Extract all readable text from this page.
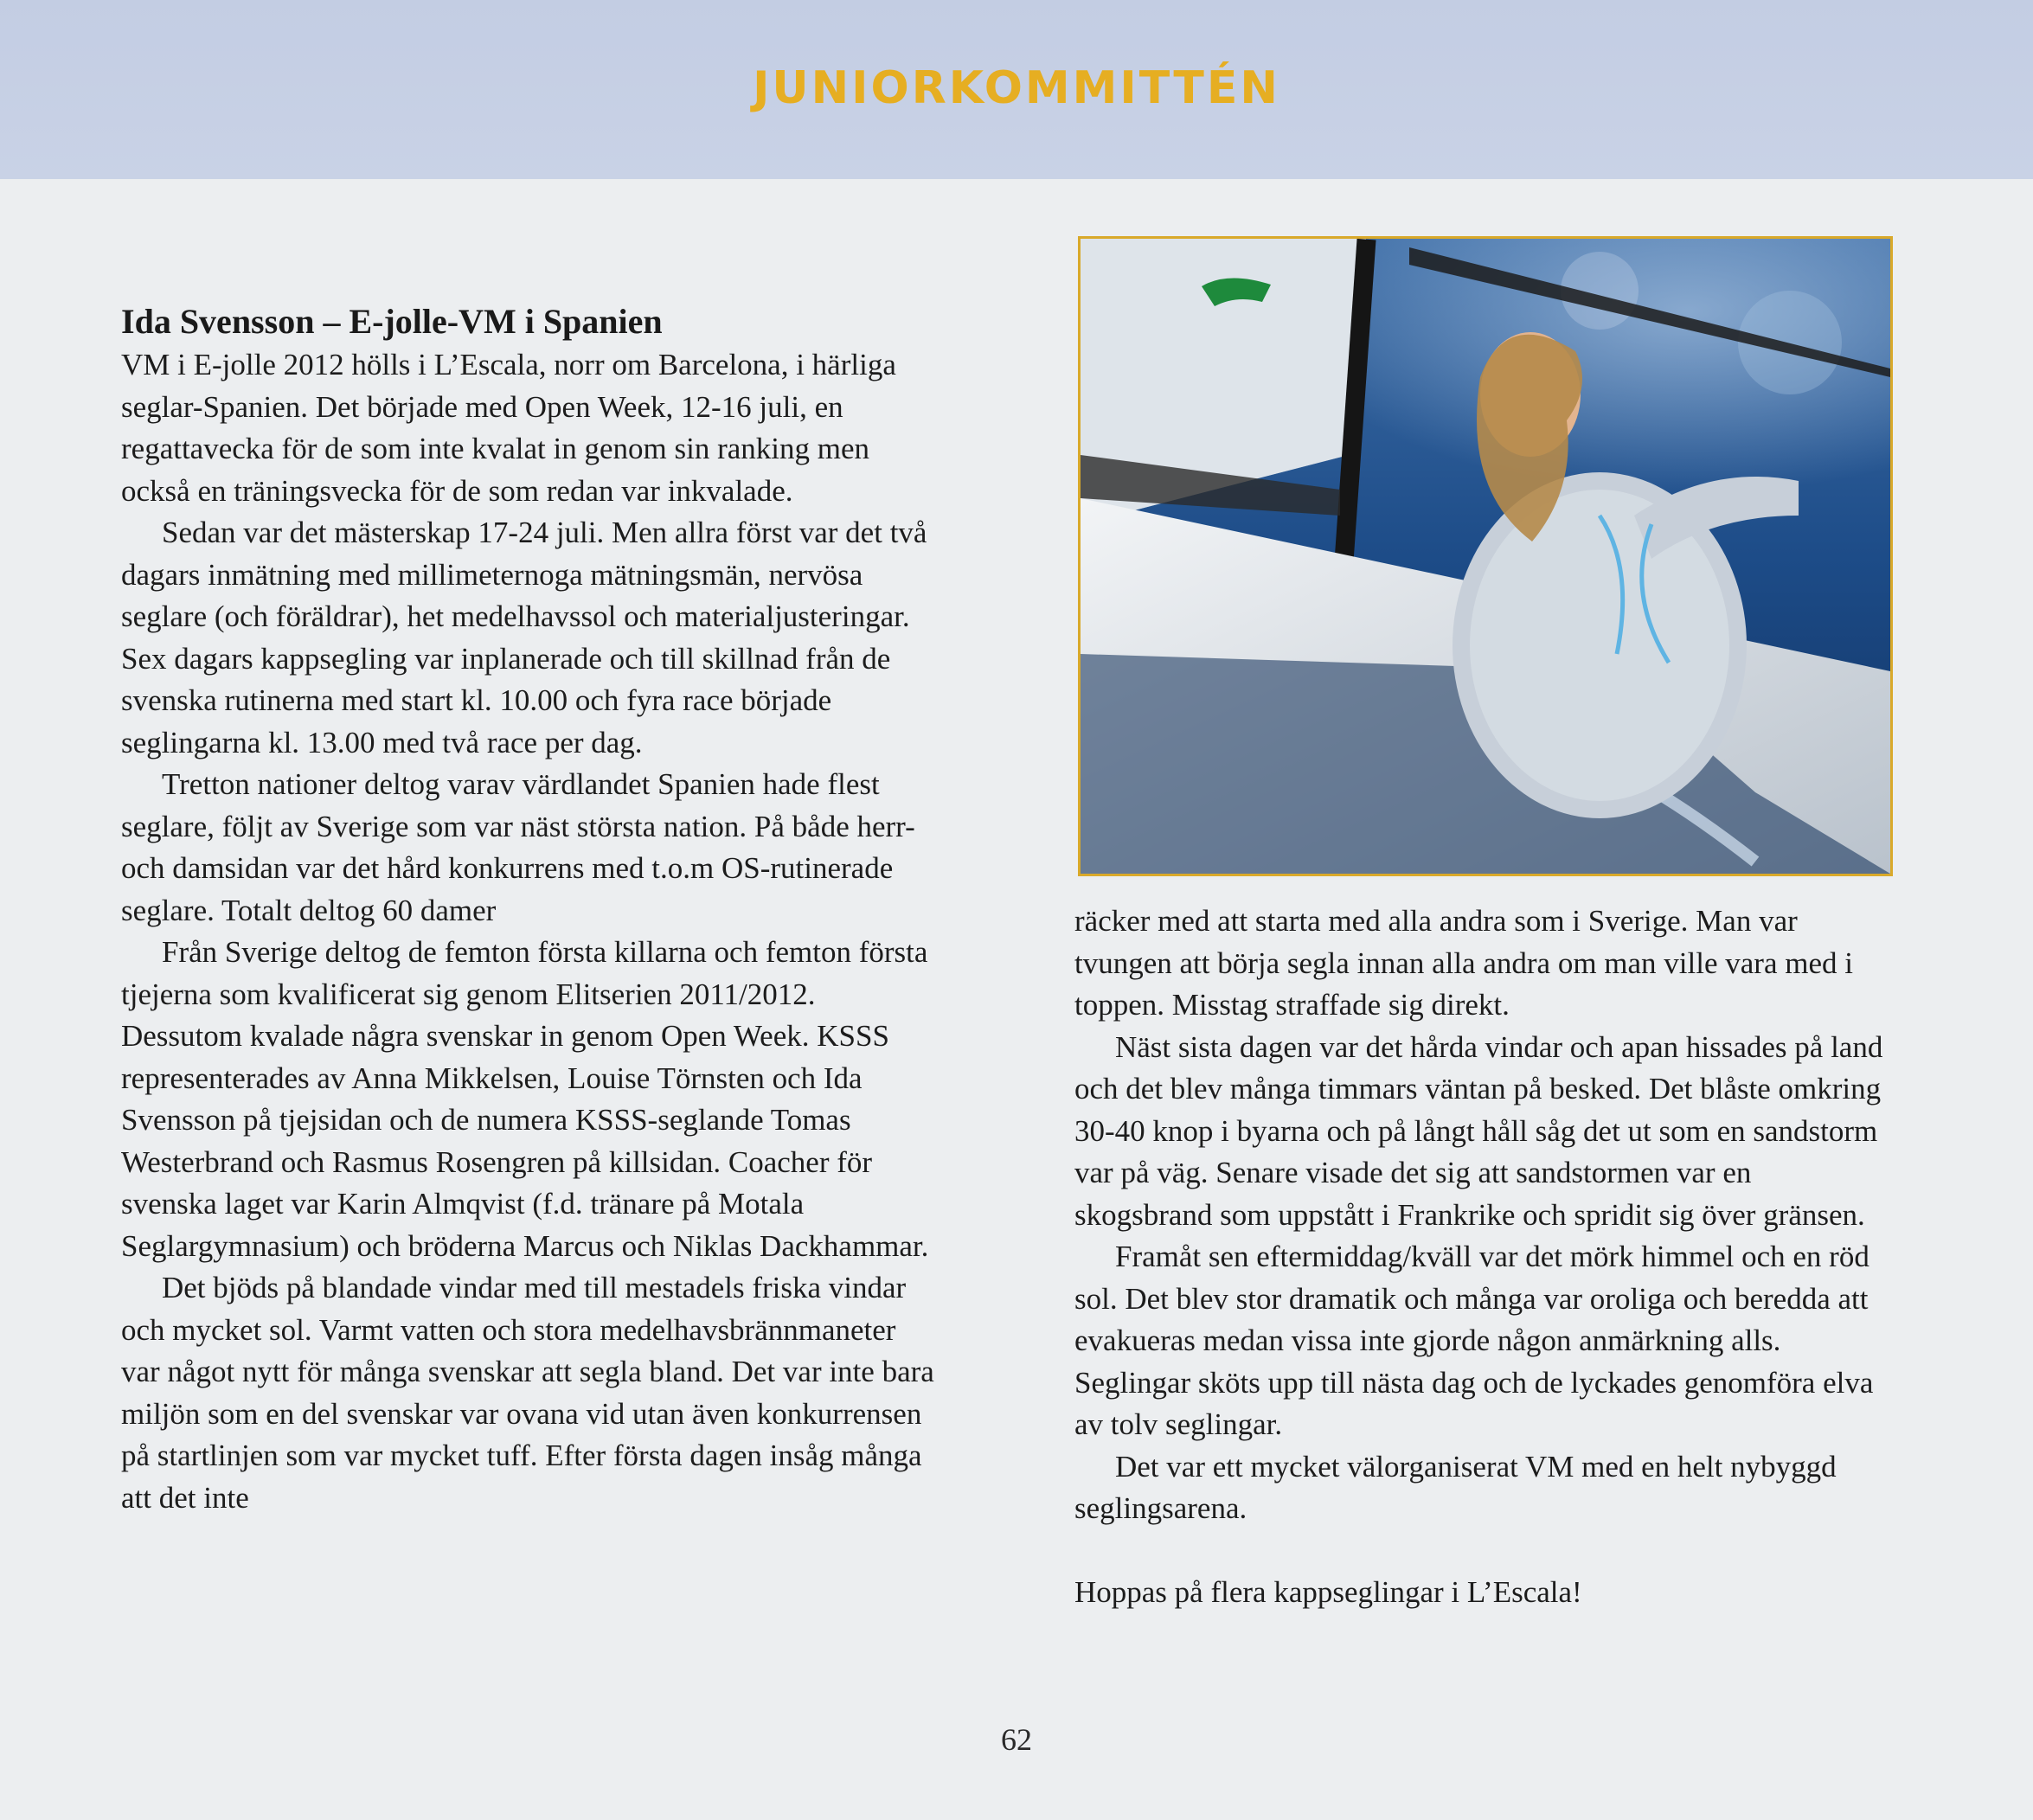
JUNIORKOMMITTÉN
Ida Svensson – E-jolle-VM i Spanien

VM i E-jolle 2012 hölls i L’Escala, norr om Barcelona, i härliga seglar-Spanien. Det började med Open Week, 12-16 juli, en regattavecka för de som inte kvalat in genom sin ranking men också en träningsvecka för de som redan var inkvalade.

Sedan var det mästerskap 17-24 juli. Men allra först var det två dagars inmätning med millimeternoga mätningsmän, nervösa seglare (och föräldrar), het medelhavssol och materialjusteringar. Sex dagars kappsegling var inplanerade och till skillnad från de svenska rutinerna med start kl. 10.00 och fyra race började seglingarna kl. 13.00 med två race per dag.

Tretton nationer deltog varav värdlandet Spanien hade flest seglare, följt av Sverige som var näst största nation. På både herr- och damsidan var det hård konkurrens med t.o.m OS-rutinerade seglare. Totalt deltog 60 damer

Från Sverige deltog de femton första killarna och femton första tjejerna som kvalificerat sig genom Elitserien 2011/2012. Dessutom kvalade några svenskar in genom Open Week. KSSS representerades av Anna Mikkelsen, Louise Törnsten och Ida Svensson på tjejsidan och de numera KSSS-seglande Tomas Westerbrand och Rasmus Rosengren på killsidan. Coacher för svenska laget var Karin Almqvist (f.d. tränare på Motala Seglargymnasium) och bröderna Marcus och Niklas Dackhammar.

Det bjöds på blandade vindar med till mestadels friska vindar och mycket sol. Varmt vatten och stora medelhavsbrännmaneter var något nytt för många svenskar att segla bland. Det var inte bara miljön som en del svenskar var ovana vid utan även konkurrensen på startlinjen som var mycket tuff. Efter första dagen insåg många att det inte

räcker med att starta med alla andra som i Sverige. Man var tvungen att börja segla innan alla andra om man ville vara med i toppen. Misstag straffade sig direkt.

Näst sista dagen var det hårda vindar och apan hissades på land och det blev många timmars väntan på besked. Det blåste omkring 30-40 knop i byarna och på långt håll såg det ut som en sandstorm var på väg. Senare visade det sig att sandstormen var en skogsbrand som uppstått i Frankrike och spridit sig över gränsen.

Framåt sen eftermiddag/kväll var det mörk himmel och en röd sol. Det blev stor dramatik och många var oroliga och beredda att evakueras medan vissa inte gjorde någon anmärkning alls. Seglingar sköts upp till nästa dag och de lyckades genomföra elva av tolv seglingar.

Det var ett mycket välorganiserat VM med en helt nybyggd seglingsarena.

Hoppas på flera kappseglingar i L’Escala!

62
